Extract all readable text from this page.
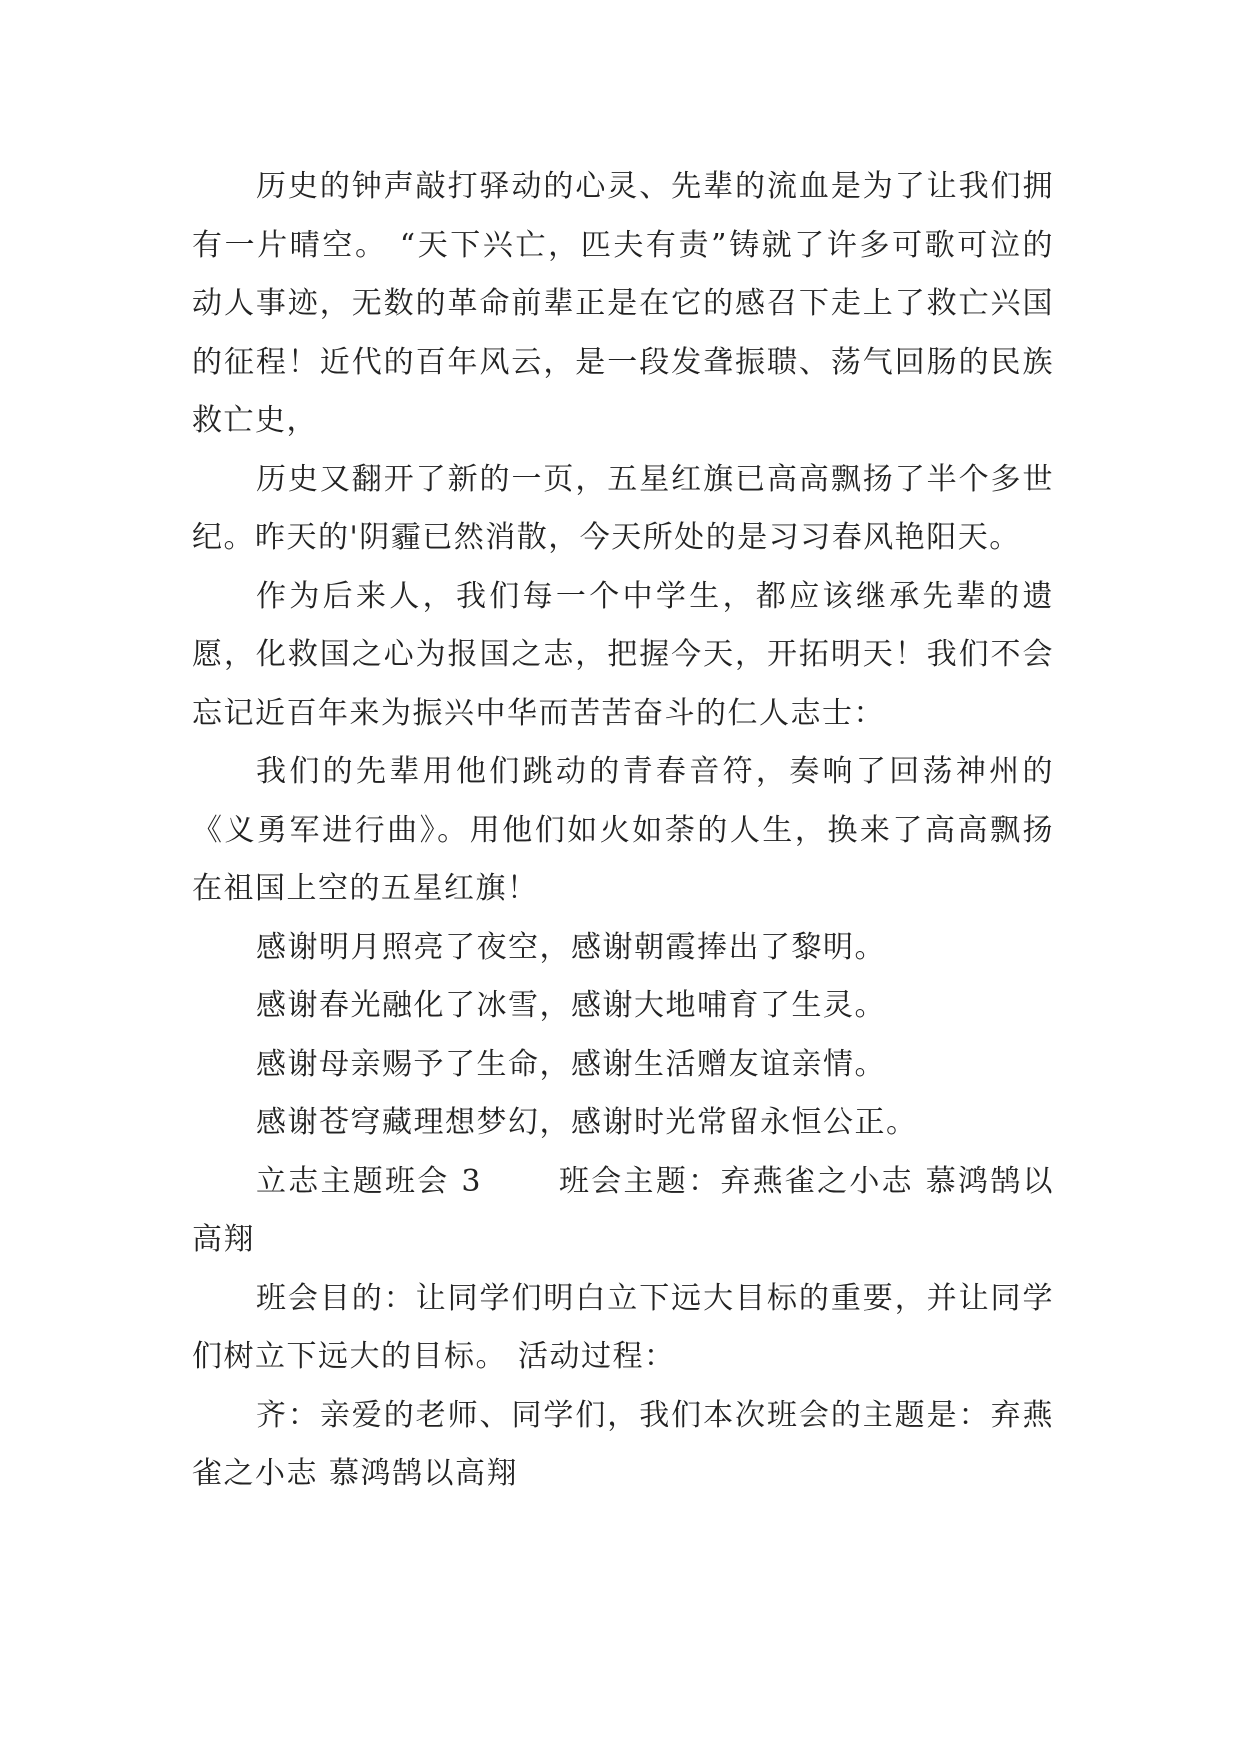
历史的钟声敲打驿动的心灵、先辈的流血是为了让我们拥有一片晴空。 “天下兴亡，匹夫有责”铸就了许多可歌可泣的动人事迹，无数的革命前辈正是在它的感召下走上了救亡兴国的征程！近代的百年风云，是一段发聋振聩、荡气回肠的民族救亡史，

历史又翻开了新的一页，五星红旗已高高飘扬了半个多世纪。昨天的'阴霾已然消散，今天所处的是习习春风艳阳天。

作为后来人，我们每一个中学生，都应该继承先辈的遗愿，化救国之心为报国之志，把握今天，开拓明天！我们不会忘记近百年来为振兴中华而苦苦奋斗的仁人志士：

我们的先辈用他们跳动的青春音符，奏响了回荡神州的《义勇军进行曲》。用他们如火如荼的人生，换来了高高飘扬在祖国上空的五星红旗！

感谢明月照亮了夜空，感谢朝霞捧出了黎明。

感谢春光融化了冰雪，感谢大地哺育了生灵。

感谢母亲赐予了生命，感谢生活赠友谊亲情。

感谢苍穹藏理想梦幻，感谢时光常留永恒公正。

立志主题班会 3　　 班会主题：弃燕雀之小志 慕鸿鹄以高翔

班会目的：让同学们明白立下远大目标的重要，并让同学们树立下远大的目标。 活动过程：

齐：亲爱的老师、同学们，我们本次班会的主题是：弃燕雀之小志 慕鸿鹄以高翔
